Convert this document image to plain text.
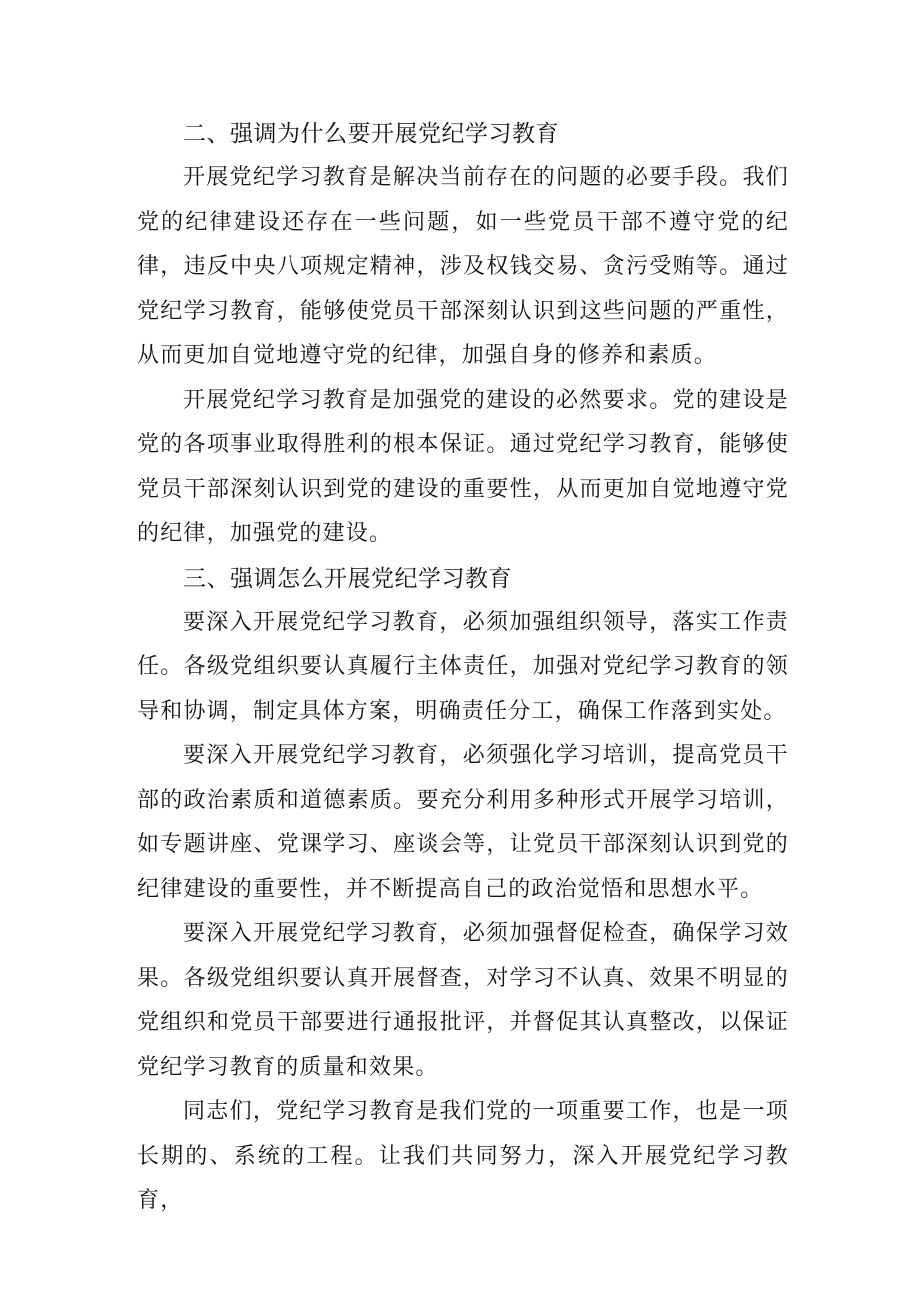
二、强调为什么要开展党纪学习教育

开展党纪学习教育是解决当前存在的问题的必要手段。我们党的纪律建设还存在一些问题，如一些党员干部不遵守党的纪律，违反中央八项规定精神，涉及权钱交易、贪污受贿等。通过党纪学习教育，能够使党员干部深刻认识到这些问题的严重性，从而更加自觉地遵守党的纪律，加强自身的修养和素质。

开展党纪学习教育是加强党的建设的必然要求。党的建设是党的各项事业取得胜利的根本保证。通过党纪学习教育，能够使党员干部深刻认识到党的建设的重要性，从而更加自觉地遵守党的纪律，加强党的建设。

三、强调怎么开展党纪学习教育

要深入开展党纪学习教育，必须加强组织领导，落实工作责任。各级党组织要认真履行主体责任，加强对党纪学习教育的领导和协调，制定具体方案，明确责任分工，确保工作落到实处。

要深入开展党纪学习教育，必须强化学习培训，提高党员干部的政治素质和道德素质。要充分利用多种形式开展学习培训，如专题讲座、党课学习、座谈会等，让党员干部深刻认识到党的纪律建设的重要性，并不断提高自己的政治觉悟和思想水平。

要深入开展党纪学习教育，必须加强督促检查，确保学习效果。各级党组织要认真开展督查，对学习不认真、效果不明显的党组织和党员干部要进行通报批评，并督促其认真整改，以保证党纪学习教育的质量和效果。

同志们，党纪学习教育是我们党的一项重要工作，也是一项长期的、系统的工程。让我们共同努力，深入开展党纪学习教育，
